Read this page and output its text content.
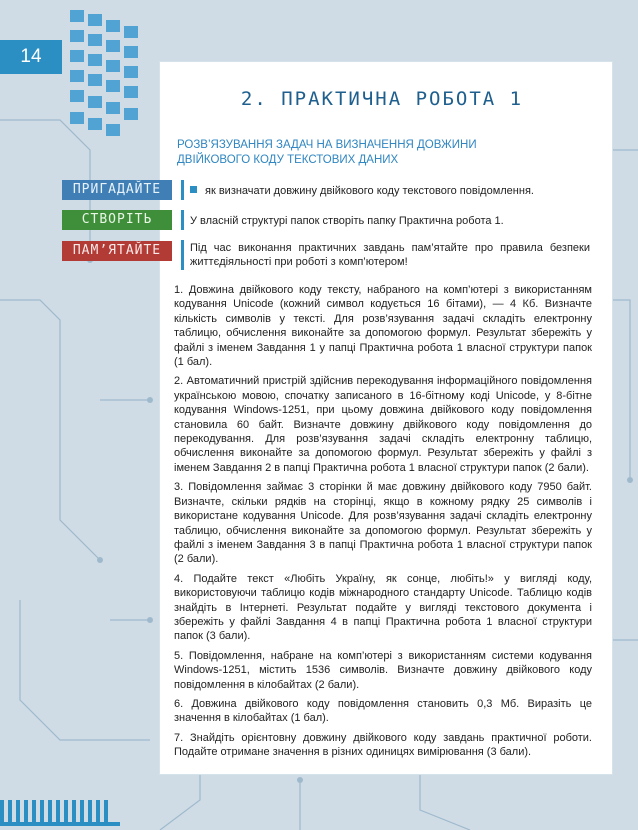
14
2. ПРАКТИЧНА РОБОТА 1
РОЗВ’ЯЗУВАННЯ ЗАДАЧ НА ВИЗНАЧЕННЯ ДОВЖИНИ ДВІЙКОВОГО КОДУ ТЕКСТОВИХ ДАНИХ
ПРИГАДАЙТЕ
СТВОРІТЬ
ПАМ’ЯТАЙТЕ
як визначати довжину двійкового коду текстового повідомлення.
У власній структурі папок створіть папку Практична робота 1.
Під час виконання практичних завдань пам’ятайте про правила безпеки життєдіяльності при роботі з комп’ютером!

1. Довжина двійкового коду тексту, набраного на комп’ютері з використанням кодування Unicode (кожний символ кодується 16 бітами), — 4 Кб. Визначте кількість символів у тексті. Для розв’язування задачі складіть електронну таблицю, обчислення виконайте за допомогою формул. Результат збережіть у файлі з іменем Завдання 1 у папці Практична робота 1 власної структури папок (1 бал).

2. Автоматичний пристрій здійснив перекодування інформаційного повідомлення українською мовою, спочатку записаного в 16-бітному коді Unicode, у 8-бітне кодування Windows-1251, при цьому довжина двійкового коду повідомлення становила 60 байт. Визначте довжину двійкового коду повідомлення до перекодування. Для розв’язування задачі складіть електронну таблицю, обчислення виконайте за допомогою формул. Результат збережіть у файлі з іменем Завдання 2 в папці Практична робота 1 власної структури папок (2 бали).

3. Повідомлення займає 3 сторінки й має довжину двійкового коду 7950 байт. Визначте, скільки рядків на сторінці, якщо в кожному рядку 25 символів і використане кодування Unicode. Для розв’язування задачі складіть електронну таблицю, обчислення виконайте за допомогою формул. Результат збережіть у файлі з іменем Завдання 3 в папці Практична робота 1 власної структури папок (2 бали).

4. Подайте текст «Любіть Україну, як сонце, любіть!» у вигляді коду, використовуючи таблицю кодів міжнародного стандарту Unicode. Таблицю кодів знайдіть в Інтернеті. Результат подайте у вигляді текстового документа і збережіть у файлі Завдання 4 в папці Практична робота 1 власної структури папок (3 бали).

5. Повідомлення, набране на комп’ютері з використанням системи кодування Windows-1251, містить 1536 символів. Визначте довжину двійкового коду повідомлення в кілобайтах (2 бали).

6. Довжина двійкового коду повідомлення становить 0,3 Мб. Виразіть це значення в кілобайтах (1 бал).

7. Знайдіть орієнтовну довжину двійкового коду завдань практичної роботи. Подайте отримане значення в різних одиницях вимірювання (3 бали).
